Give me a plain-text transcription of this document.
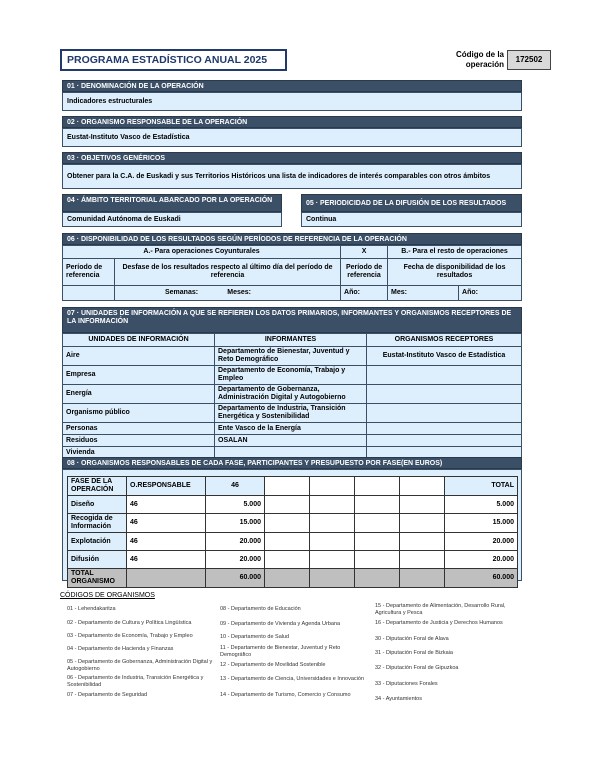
PROGRAMA ESTADÍSTICO ANUAL 2025	Código de la
operación
172502
01 · DENOMINACIÓN DE LA OPERACIÓN
Indicadores estructurales
02 · ORGANISMO RESPONSABLE DE LA OPERACIÓN
Eustat-Instituto Vasco de Estadística
03 · OBJETIVOS GENÉRICOS
Obtener para la C.A. de Euskadi y sus Territorios Históricos una lista de indicadores de interés comparables con otros ámbitos
04 · ÁMBITO TERRITORIAL ABARCADO POR LA OPERACIÓN
Comunidad Autónoma de Euskadi
05 · PERIODICIDAD DE LA DIFUSIÓN DE LOS RESULTADOS
Continua
06 · DISPONIBILIDAD DE LOS RESULTADOS SEGÚN PERÍODOS DE REFERENCIA DE LA OPERACIÓN
A.- Para operaciones Coyunturales		X	B.- Para el resto de operaciones	
Período de referencia	Desfase de los resultados respecto al último día del período de referencia	Período de referencia	Fecha de disponibilidad de los resultados	
	Semanas: Meses:	Año:	Mes:	Año:
07 · UNIDADES DE INFORMACIÓN A QUE SE REFIEREN LOS DATOS PRIMARIOS, INFORMANTES Y ORGANISMOS RECEPTORES DE LA INFORMACIÓN
UNIDADES DE INFORMACIÓN	INFORMANTES	ORGANISMOS RECEPTORES
Aire	Departamento de Bienestar, Juventud y Reto Demográfico	Eustat-Instituto Vasco de Estadística
Empresa	Departamento de Economía, Trabajo y Empleo	
Energía	Departamento de Gobernanza, Administración Digital y Autogobierno	
Organismo público	Departamento de Industria, Transición Energética y Sostenibilidad	
Personas	Ente Vasco de la Energía	
Residuos	OSALAN	
Vivienda		
08 · ORGANISMOS RESPONSABLES DE CADA FASE, PARTICIPANTES Y PRESUPUESTO POR FASE(EN EUROS)
FASE DE LA OPERACIÓN	O.RESPONSABLE	46					TOTAL
Diseño	46	5.000					5.000
Recogida de Información	46	15.000					15.000
Explotación	46	20.000					20.000
Difusión	46	20.000					20.000
TOTAL ORGANISMO		60.000					60.000
CÓDIGOS DE ORGANISMOS
01 - Lehendakaritza
02 - Departamento de Cultura y Política Lingüística
03 - Departamento de Economía, Trabajo y Empleo
04 - Departamento de Hacienda y Finanzas
05 - Departamento de Gobernanza, Administración Digital y Autogobierno
06 - Departamento de Industria, Transición Energética y Sostenibilidad
07 - Departamento de Seguridad
08 - Departamento de Educación
09 - Departamento de Vivienda y Agenda Urbana
10 - Departamento de Salud
11 - Departamento de Bienestar, Juventud y Reto Demográfico
12 - Departamento de Movilidad Sostenible
13 - Departamento de Ciencia, Universidades e Innovación
14 - Departamento de Turismo, Comercio y Consumo
15 - Departamento de Alimentación, Desarrollo Rural, Agricultura y Pesca
16 - Departamento de Justicia y Derechos Humanos
30 - Diputación Foral de Alava
31 - Diputación Foral de Bizkaia
32 - Diputación Foral de Gipuzkoa
33 - Diputaciones Forales
34 - Ayuntamientos
